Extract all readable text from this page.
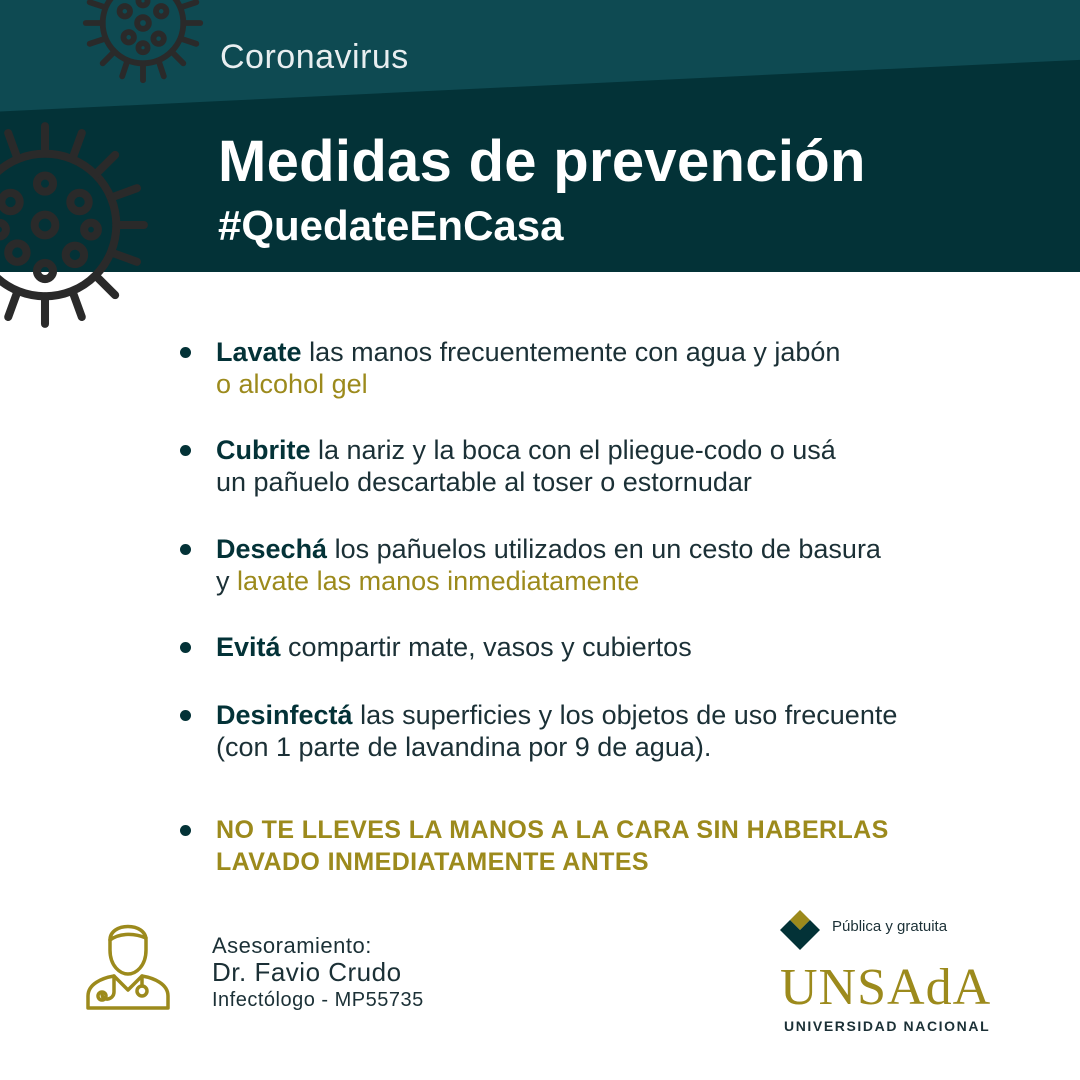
Coronavirus
Medidas de prevención
#QuedateEnCasa
Lavate las manos frecuentemente con agua y jabón
o alcohol gel
Cubrite la nariz y la boca con el pliegue-codo o usá
un pañuelo descartable al toser o estornudar
Desechá los pañuelos utilizados en un cesto de basura
y lavate las manos inmediatamente
Evitá compartir mate, vasos y cubiertos
Desinfectá las superficies y los objetos de uso frecuente
(con 1 parte de lavandina por 9 de agua).
NO TE LLEVES LA MANOS A LA CARA SIN HABERLAS
LAVADO INMEDIATAMENTE ANTES
Asesoramiento:
Dr. Favio Crudo
Infectólogo - MP55735
Pública y gratuita
UNSAdA
UNIVERSIDAD NACIONAL
